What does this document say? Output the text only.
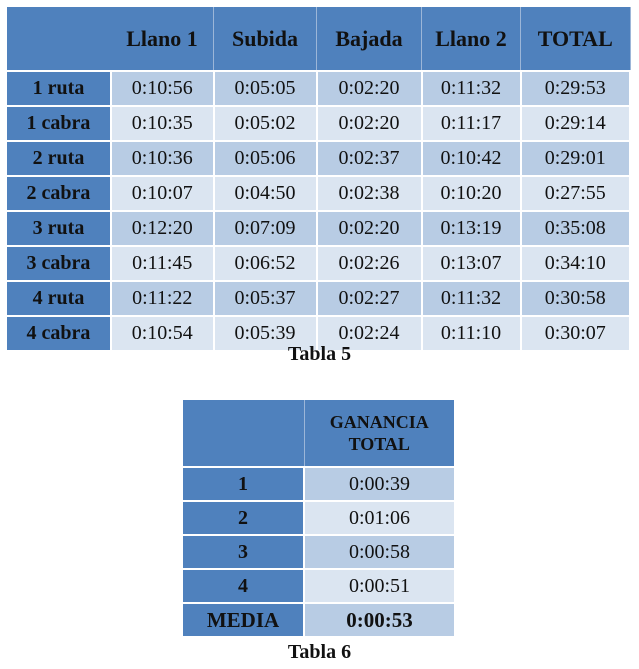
	Llano 1	Subida	Bajada	Llano 2	TOTAL
1 ruta	0:10:56	0:05:05	0:02:20	0:11:32	0:29:53
1 cabra	0:10:35	0:05:02	0:02:20	0:11:17	0:29:14
2 ruta	0:10:36	0:05:06	0:02:37	0:10:42	0:29:01
2 cabra	0:10:07	0:04:50	0:02:38	0:10:20	0:27:55
3 ruta	0:12:20	0:07:09	0:02:20	0:13:19	0:35:08
3 cabra	0:11:45	0:06:52	0:02:26	0:13:07	0:34:10
4 ruta	0:11:22	0:05:37	0:02:27	0:11:32	0:30:58
4 cabra	0:10:54	0:05:39	0:02:24	0:11:10	0:30:07
Tabla 5
	GANANCIA TOTAL
1	0:00:39
2	0:01:06
3	0:00:58
4	0:00:51
MEDIA	0:00:53
Tabla 6
